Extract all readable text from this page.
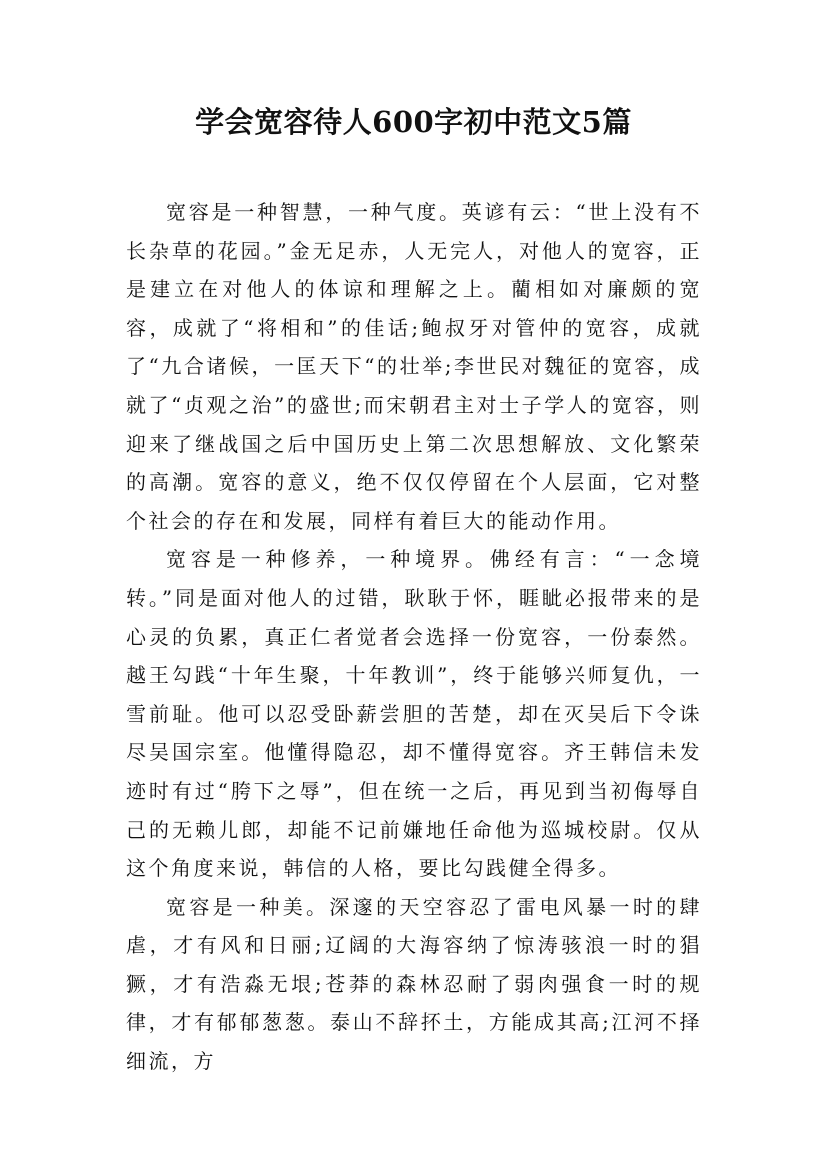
学会宽容待人600字初中范文5篇

宽容是一种智慧，一种气度。英谚有云：“世上没有不长杂草的花园。”金无足赤，人无完人，对他人的宽容，正是建立在对他人的体谅和理解之上。藺相如对廉颇的宽容，成就了“将相和”的佳话;鲍叔牙对管仲的宽容，成就了“九合诸候，一匡天下“的壮举;李世民对魏征的宽容，成就了“贞观之治”的盛世;而宋朝君主对士子学人的宽容，则迎来了继战国之后中国历史上第二次思想解放、文化繁荣的高潮。宽容的意义，绝不仅仅停留在个人层面，它对整个社会的存在和发展，同样有着巨大的能动作用。

宽容是一种修养，一种境界。佛经有言：“一念境转。”同是面对他人的过错，耿耿于怀，睚眦必报带来的是心灵的负累，真正仁者觉者会选择一份宽容，一份泰然。越王勾践“十年生聚，十年教训”，终于能够兴师复仇，一雪前耻。他可以忍受卧薪尝胆的苦楚，却在灭吴后下令诛尽吴国宗室。他懂得隐忍，却不懂得宽容。齐王韩信未发迹时有过“胯下之辱”，但在统一之后，再见到当初侮辱自己的无赖儿郎，却能不记前嫌地任命他为巡城校尉。仅从这个角度来说，韩信的人格，要比勾践健全得多。

宽容是一种美。深邃的天空容忍了雷电风暴一时的肆虐，才有风和日丽;辽阔的大海容纳了惊涛骇浪一时的猖獗，才有浩淼无垠;苍莽的森林忍耐了弱肉强食一时的规律，才有郁郁葱葱。泰山不辞抔土，方能成其高;江河不择细流，方
